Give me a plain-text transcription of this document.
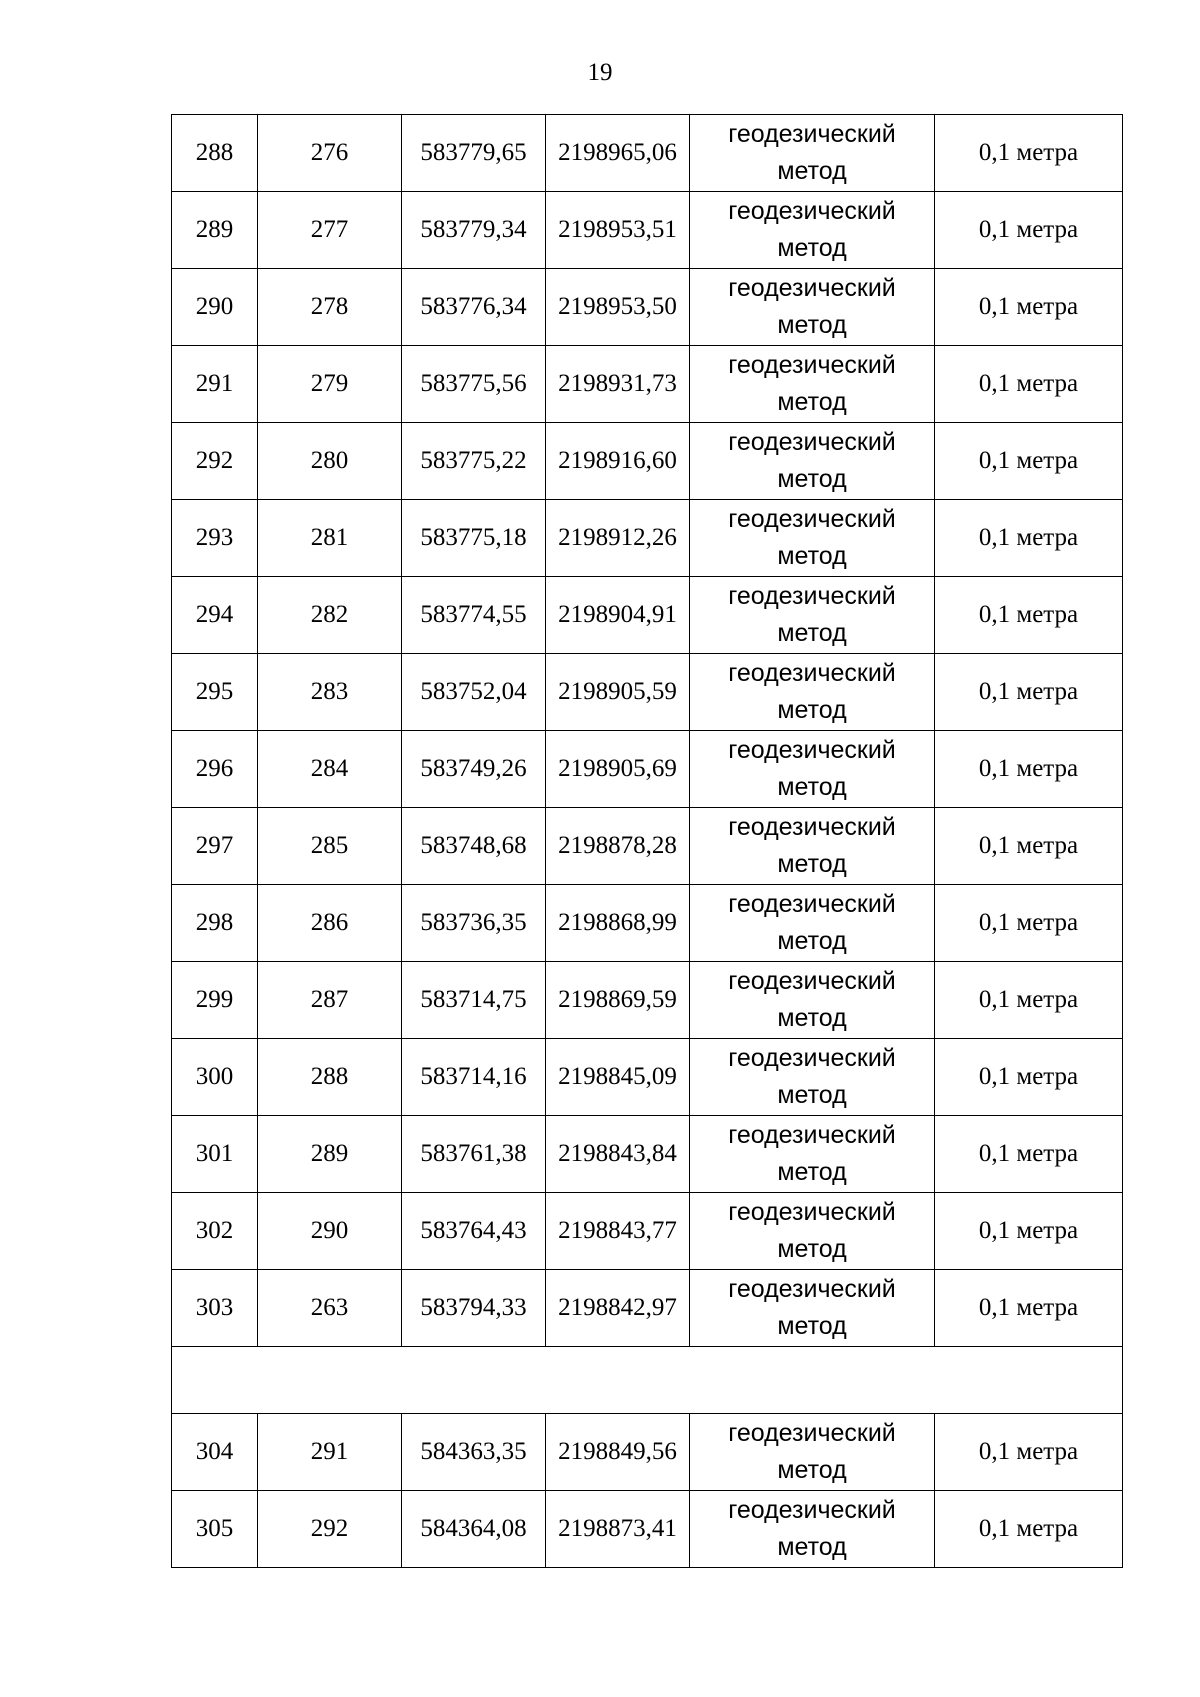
19
288	276	583779,65	2198965,06	геодезический
метод	0,1 метра
289	277	583779,34	2198953,51	геодезический
метод	0,1 метра
290	278	583776,34	2198953,50	геодезический
метод	0,1 метра
291	279	583775,56	2198931,73	геодезический
метод	0,1 метра
292	280	583775,22	2198916,60	геодезический
метод	0,1 метра
293	281	583775,18	2198912,26	геодезический
метод	0,1 метра
294	282	583774,55	2198904,91	геодезический
метод	0,1 метра
295	283	583752,04	2198905,59	геодезический
метод	0,1 метра
296	284	583749,26	2198905,69	геодезический
метод	0,1 метра
297	285	583748,68	2198878,28	геодезический
метод	0,1 метра
298	286	583736,35	2198868,99	геодезический
метод	0,1 метра
299	287	583714,75	2198869,59	геодезический
метод	0,1 метра
300	288	583714,16	2198845,09	геодезический
метод	0,1 метра
301	289	583761,38	2198843,84	геодезический
метод	0,1 метра
302	290	583764,43	2198843,77	геодезический
метод	0,1 метра
303	263	583794,33	2198842,97	геодезический
метод	0,1 метра

304	291	584363,35	2198849,56	геодезический
метод	0,1 метра
305	292	584364,08	2198873,41	геодезический
метод	0,1 метра
